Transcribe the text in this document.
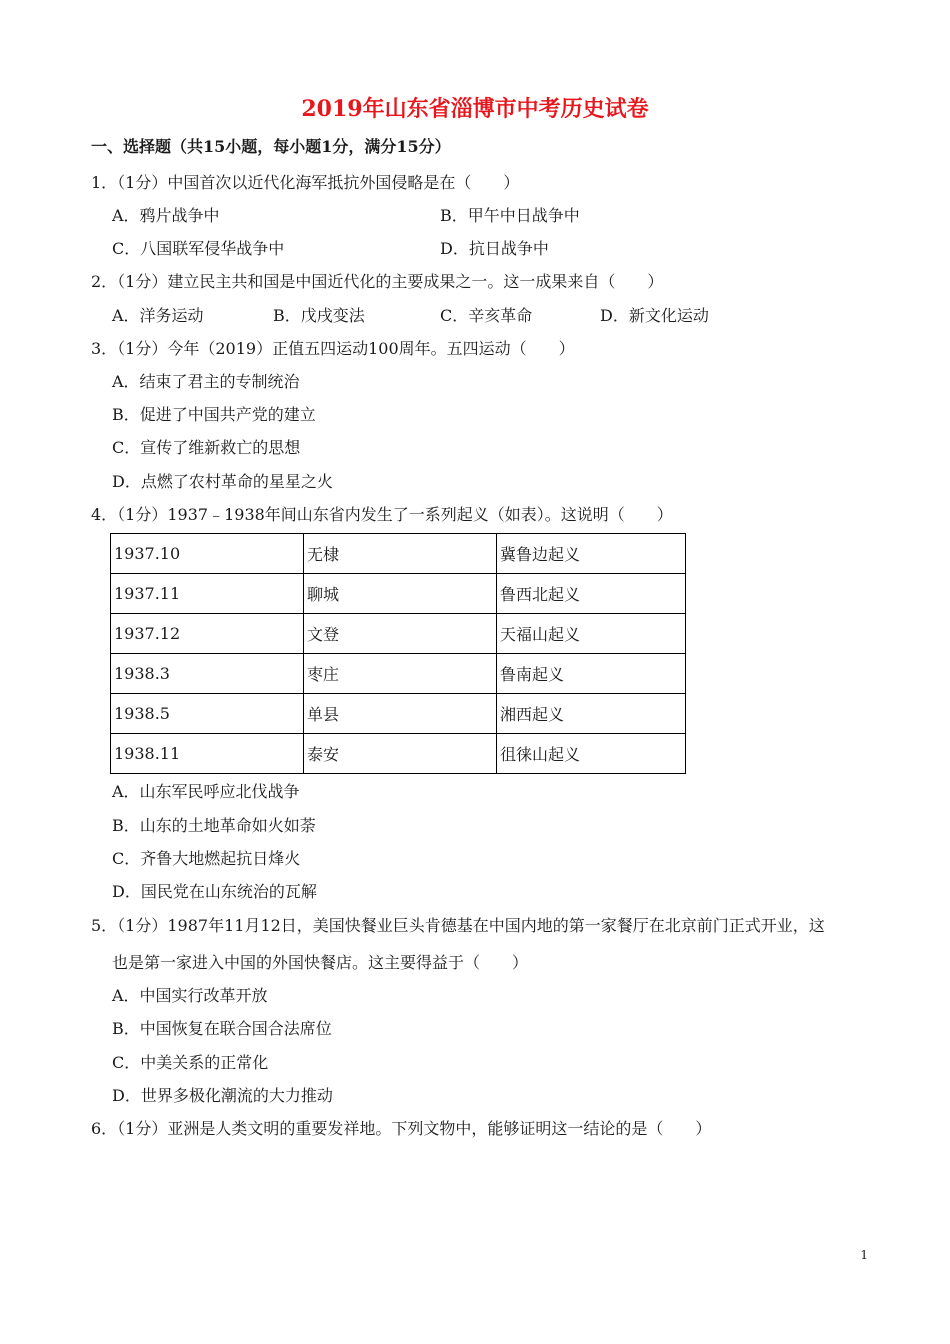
2019年山东省淄博市中考历史试卷
一、选择题（共15小题，每小题1分，满分15分）
1．（1分）中国首次以近代化海军抵抗外国侵略是在（　　）
A．鸦片战争中	B．甲午中日战争中
C．八国联军侵华战争中	D．抗日战争中
2．（1分）建立民主共和国是中国近代化的主要成果之一。这一成果来自（　　）
A．洋务运动	B．戊戌变法	C．辛亥革命	D．新文化运动
3．（1分）今年（2019）正值五四运动100周年。五四运动（　　）
A．结束了君主的专制统治
B．促进了中国共产党的建立
C．宣传了维新救亡的思想
D．点燃了农村革命的星星之火
4．（1分）1937﹣1938年间山东省内发生了一系列起义（如表）。这说明（　　）
1937.10	无棣	冀鲁边起义
1937.11	聊城	鲁西北起义
1937.12	文登	天福山起义
1938.3	枣庄	鲁南起义
1938.5	单县	湘西起义
1938.11	泰安	徂徕山起义
A．山东军民呼应北伐战争
B．山东的土地革命如火如荼
C．齐鲁大地燃起抗日烽火
D．国民党在山东统治的瓦解
5．（1分）1987年11月12日，美国快餐业巨头肯德基在中国内地的第一家餐厅在北京前门正式开业，这
也是第一家进入中国的外国快餐店。这主要得益于（　　）
A．中国实行改革开放
B．中国恢复在联合国合法席位
C．中美关系的正常化
D．世界多极化潮流的大力推动
6．（1分）亚洲是人类文明的重要发祥地。下列文物中，能够证明这一结论的是（　　）
1
